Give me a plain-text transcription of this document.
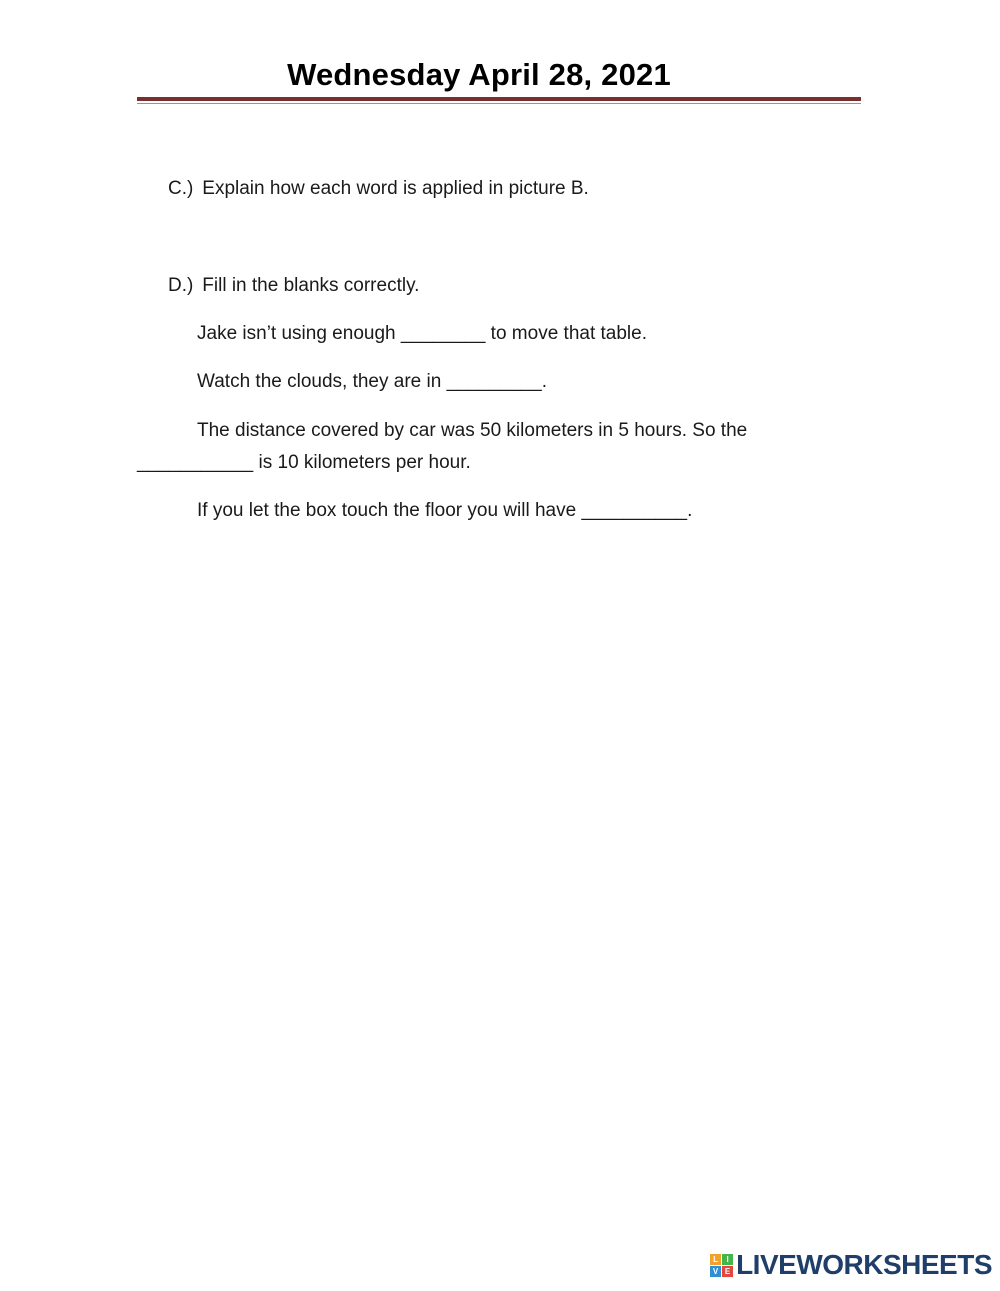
Wednesday April 28, 2021
C.) Explain how each word is applied in picture B.
D.) Fill in the blanks correctly.
Jake isn’t using enough ________ to move that table.
Watch the clouds, they are in _________.
The distance covered by car was 50 kilometers in 5 hours. So the
___________ is 10 kilometers per hour.
If you let the box touch the floor you will have __________.
L	I
V E LIVEWORKSHEETS
